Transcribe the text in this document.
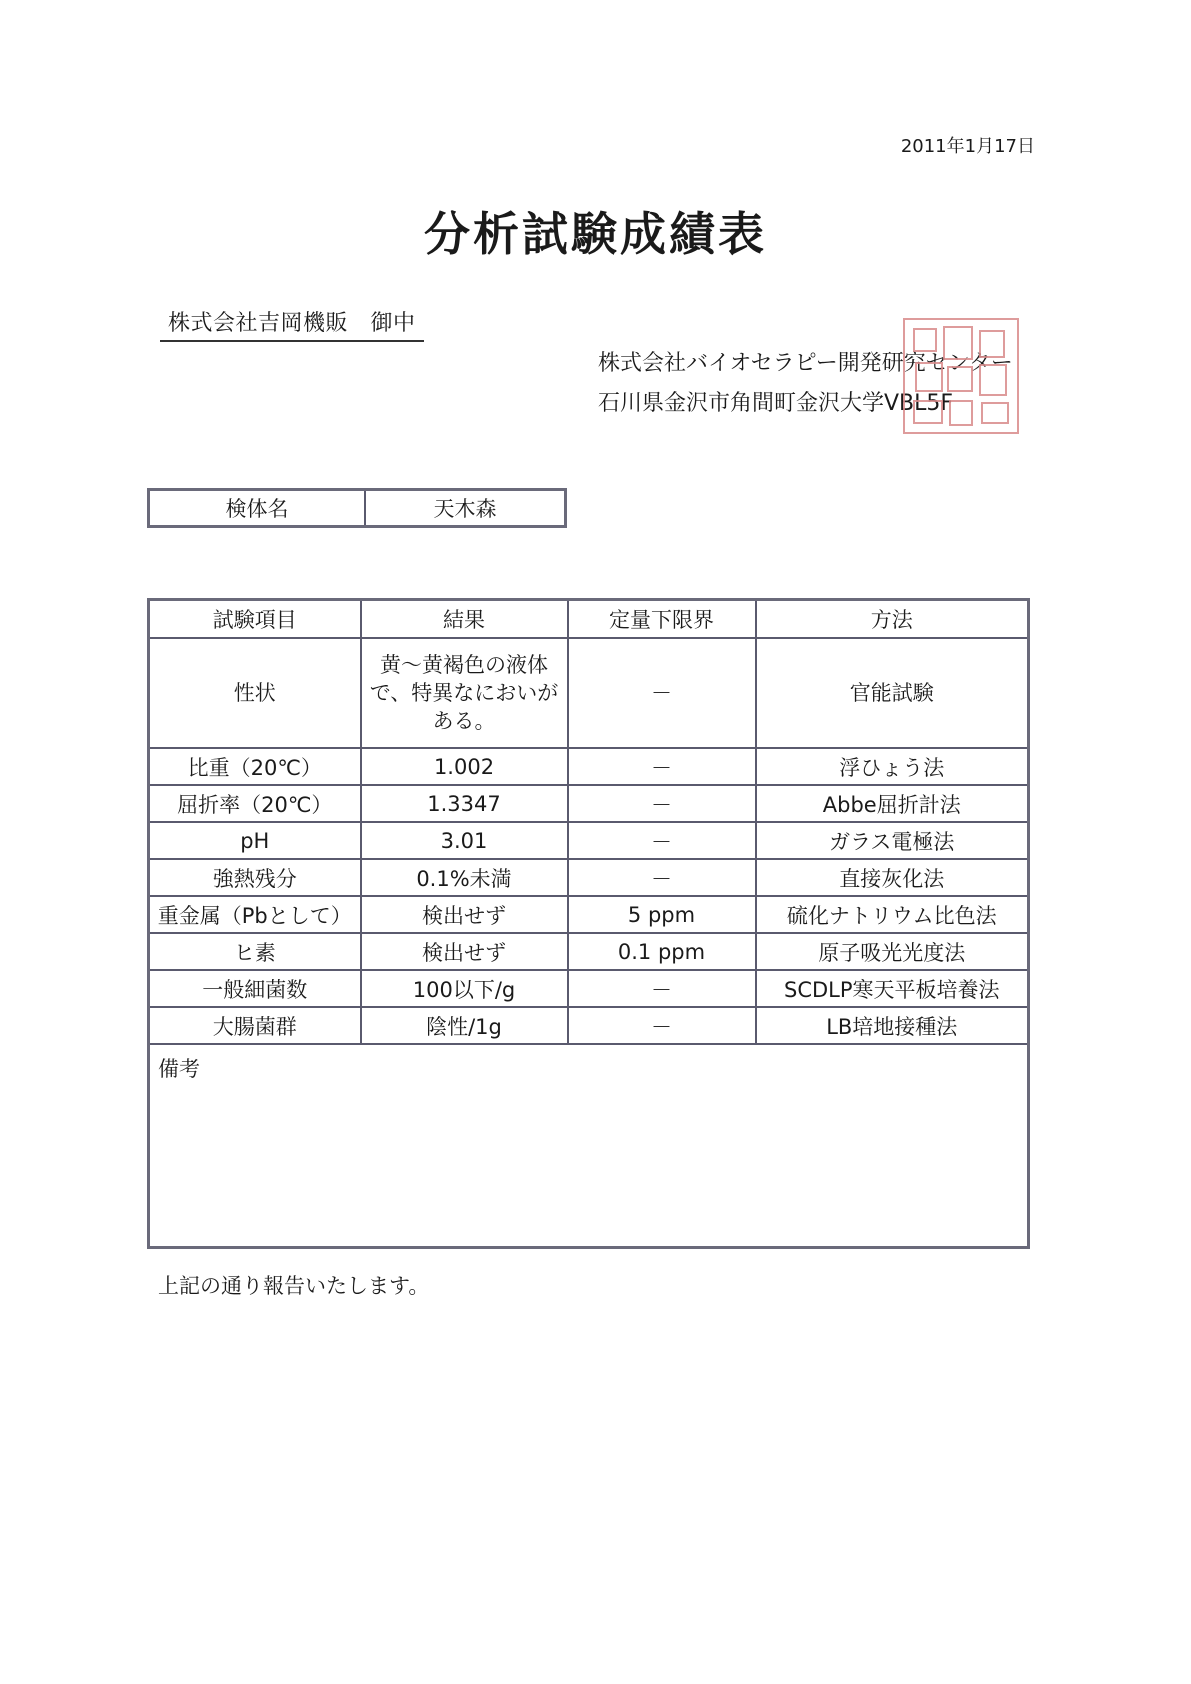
2011年1月17日
分析試験成績表
株式会社吉岡機販　御中
株式会社バイオセラピー開発研究センター
石川県金沢市角間町金沢大学VBL5F
検体名	天木森
試験項目	結果	定量下限界	方法
性状	黄～黄褐色の液体で、特異なにおいがある。	－	官能試験
比重（20℃）	1.002	－	浮ひょう法
屈折率（20℃）	1.3347	－	Abbe屈折計法
pH	3.01	－	ガラス電極法
強熱残分	0.1%未満	－	直接灰化法
重金属（Pbとして）	検出せず	5 ppm	硫化ナトリウム比色法
ヒ素	検出せず	0.1 ppm	原子吸光光度法
一般細菌数	100以下/g	－	SCDLP寒天平板培養法
大腸菌群	陰性/1g	－	LB培地接種法
備考			
上記の通り報告いたします。
